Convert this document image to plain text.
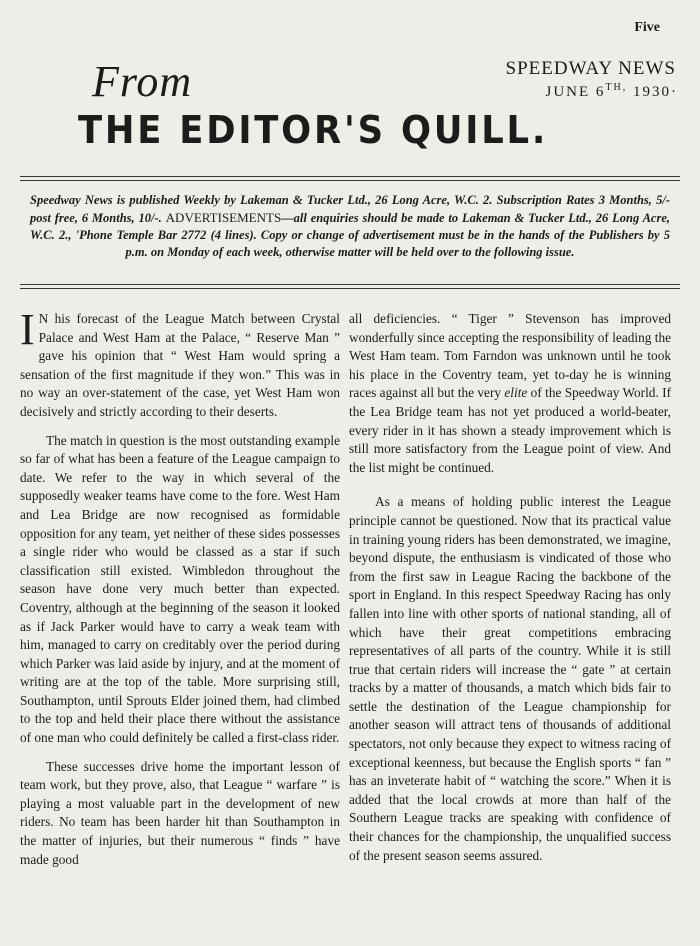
Five
From	SPEEDWAY NEWS
JUNE $6^{TH,}$ 1930·
THE EDITOR'S QUILL.
Speedway News is published Weekly by Lakeman & Tucker Ltd., 26 Long Acre, W.C. 2. Subscription Rates 3 Months, 5/- post free, 6 Months, 10/-. ADVERTISEMENTS—all enquiries should be made to Lakeman & Tucker Ltd., 26 Long Acre, W.C. 2., 'Phone Temple Bar 2772 (4 lines). Copy or change of advertisement must be in the hands of the Publishers by 5 p.m. on Monday of each week, otherwise matter will be held over to the following issue.

I N his forecast of the League Match between Crystal Palace and West Ham at the Palace, “ Reserve Man ” gave his opinion that “ West Ham would spring a sensation of the first magnitude if they won.” This was in no way an over-statement of the case, yet West Ham won decisively and strictly according to their deserts.

The match in question is the most outstanding example so far of what has been a feature of the League campaign to date. We refer to the way in which several of the supposedly weaker teams have come to the fore. West Ham and Lea Bridge are now recognised as formidable opposition for any team, yet neither of these sides possesses a single rider who would be classed as a star if such classification still existed. Wimbledon throughout the season have done very much better than expected. Coventry, although at the beginning of the season it looked as if Jack Parker would have to carry a weak team with him, managed to carry on creditably over the period during which Parker was laid aside by injury, and at the moment of writing are at the top of the table. More surprising still, Southampton, until Sprouts Elder joined them, had climbed to the top and held their place there without the assistance of one man who could definitely be called a first-class rider.

These successes drive home the important lesson of team work, but they prove, also, that League “ warfare ” is playing a most valuable part in the development of new riders. No team has been harder hit than Southampton in the matter of injuries, but their numerous “ finds ” have made good

all deficiencies. “ Tiger ” Stevenson has improved wonderfully since accepting the responsibility of leading the West Ham team. Tom Farndon was unknown until he took his place in the Coventry team, yet to-day he is winning races against all but the very elite of the Speedway World. If the Lea Bridge team has not yet produced a world-beater, every rider in it has shown a steady improvement which is still more satisfactory from the League point of view. And the list might be continued.

As a means of holding public interest the League principle cannot be questioned. Now that its practical value in training young riders has been demonstrated, we imagine, beyond dispute, the enthusiasm is vindicated of those who from the first saw in League Racing the backbone of the sport in England. In this respect Speedway Racing has only fallen into line with other sports of national standing, all of which have their great competitions embracing representatives of all parts of the country. While it is still true that certain riders will increase the “ gate ” at certain tracks by a matter of thousands, a match which bids fair to settle the destination of the League championship for another season will attract tens of thousands of additional spectators, not only because they expect to witness racing of exceptional keenness, but because the English sports “ fan ” has an inveterate habit of “ watching the score.” When it is added that the local crowds at more than half of the Southern League tracks are speaking with confidence of their chances for the championship, the unqualified success of the present season seems assured.
